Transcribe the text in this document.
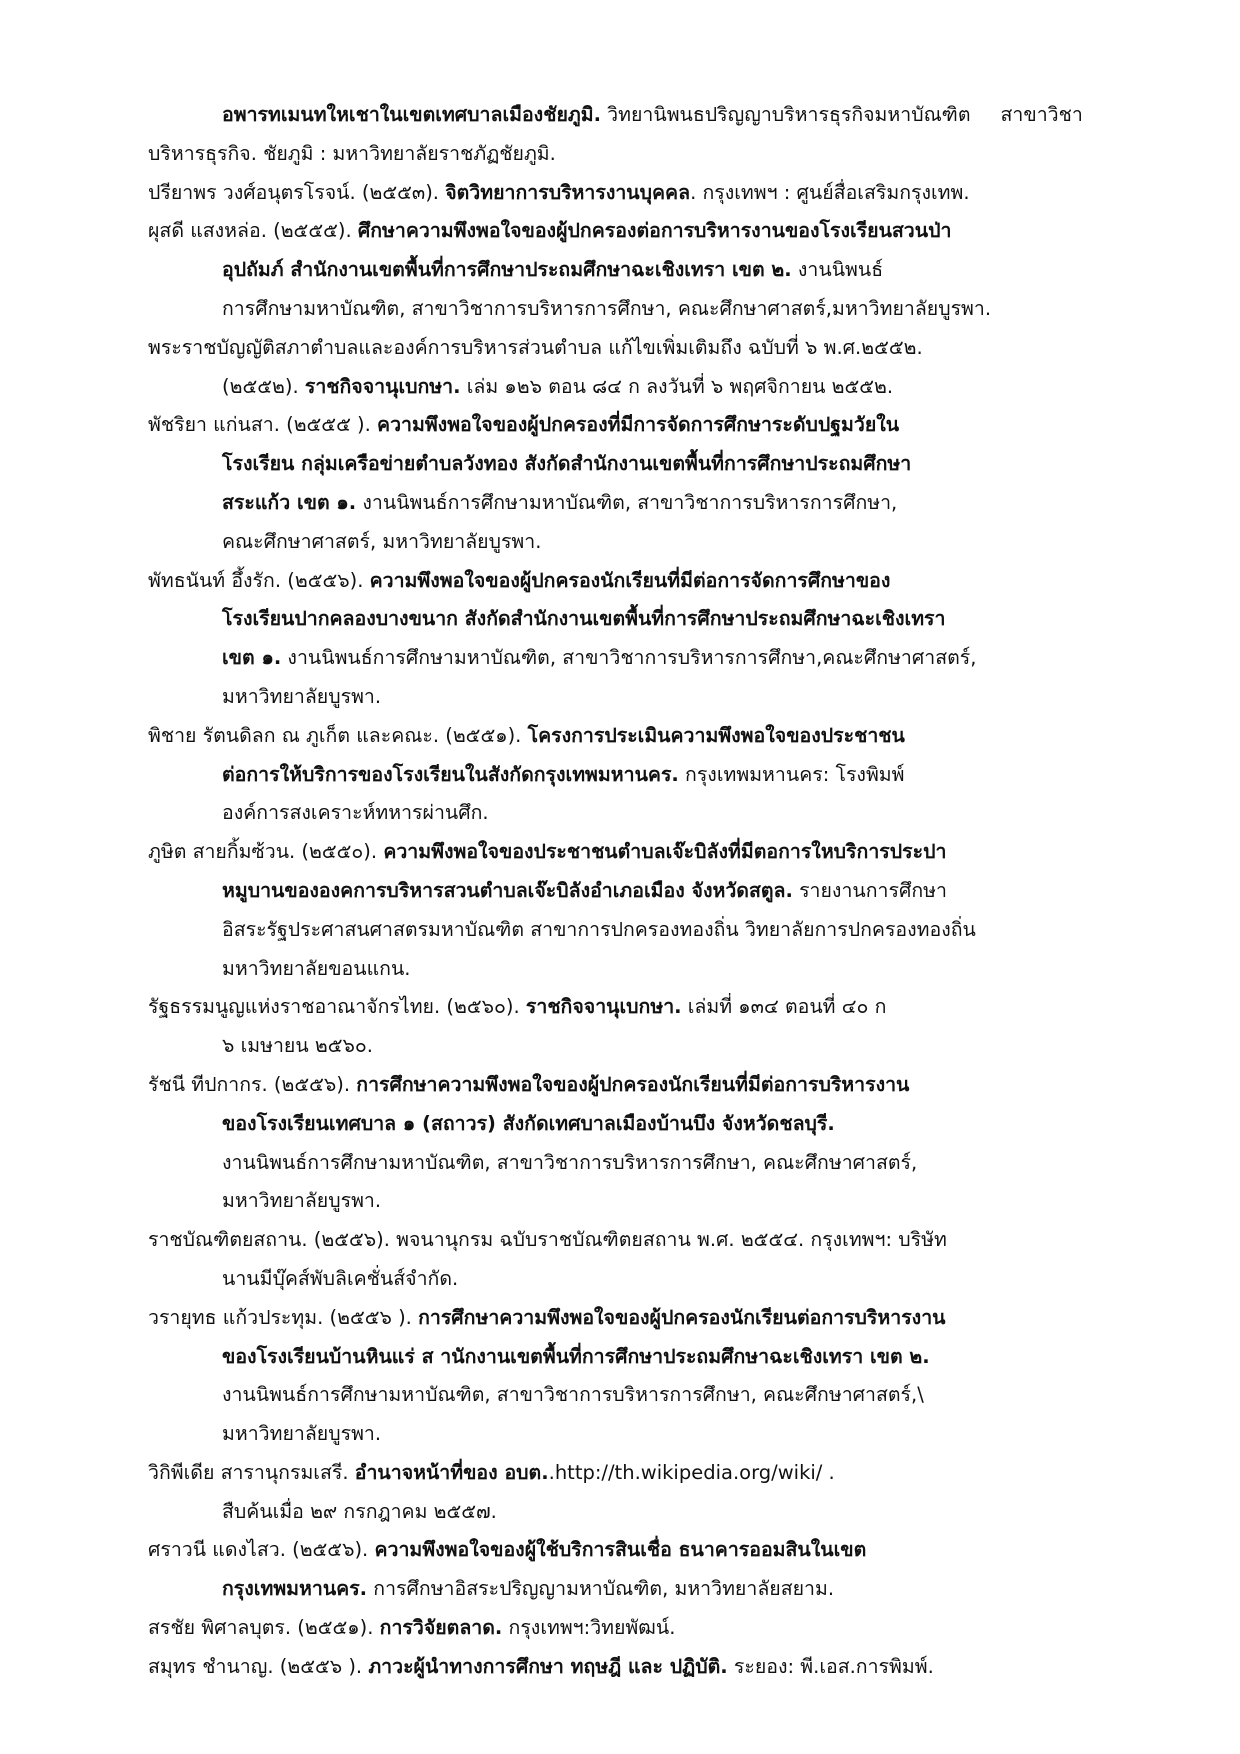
อพารทเมนทใหเชาในเขตเทศบาลเมืองชัยภูมิ. วิทยานิพนธปริญญาบริหารธุรกิจมหาบัณฑิต สาขาวิชา
บริหารธุรกิจ. ชัยภูมิ : มหาวิทยาลัยราชภัฏชัยภูมิ.
ปรียาพร วงศ์อนุตรโรจน์. (๒๕๕๓). จิตวิทยาการบริหารงานบุคคล. กรุงเทพฯ : ศูนย์สื่อเสริมกรุงเทพ.
ผุสดี แสงหล่อ. (๒๕๕๕). ศึกษาความพึงพอใจของผู้ปกครองต่อการบริหารงานของโรงเรียนสวนป่า
อุปถัมภ์ สำนักงานเขตพื้นที่การศึกษาประถมศึกษาฉะเชิงเทรา เขต ๒. งานนิพนธ์
การศึกษามหาบัณฑิต, สาขาวิชาการบริหารการศึกษา, คณะศึกษาศาสตร์,มหาวิทยาลัยบูรพา.
พระราชบัญญัติสภาตำบลและองค์การบริหารส่วนตำบล แก้ไขเพิ่มเติมถึง ฉบับที่ ๖ พ.ศ.๒๕๕๒.
(๒๕๕๒). ราชกิจจานุเบกษา. เล่ม ๑๒๖ ตอน ๘๔ ก ลงวันที่ ๖ พฤศจิกายน ๒๕๕๒.
พัชริยา แก่นสา. (๒๕๕๕ ). ความพึงพอใจของผู้ปกครองที่มีการจัดการศึกษาระดับปฐมวัยใน
โรงเรียน กลุ่มเครือข่ายตำบลวังทอง สังกัดสำนักงานเขตพื้นที่การศึกษาประถมศึกษา
สระแก้ว เขต ๑. งานนิพนธ์การศึกษามหาบัณฑิต, สาขาวิชาการบริหารการศึกษา,
คณะศึกษาศาสตร์, มหาวิทยาลัยบูรพา.
พัทธนันท์ อึ้งรัก. (๒๕๕๖). ความพึงพอใจของผู้ปกครองนักเรียนที่มีต่อการจัดการศึกษาของ
โรงเรียนปากคลองบางขนาก สังกัดสำนักงานเขตพื้นที่การศึกษาประถมศึกษาฉะเชิงเทรา
เขต ๑. งานนิพนธ์การศึกษามหาบัณฑิต, สาขาวิชาการบริหารการศึกษา,คณะศึกษาศาสตร์,
มหาวิทยาลัยบูรพา.
พิชาย รัตนดิลก ณ ภูเก็ต และคณะ. (๒๕๕๑). โครงการประเมินความพึงพอใจของประชาชน
ต่อการให้บริการของโรงเรียนในสังกัดกรุงเทพมหานคร. กรุงเทพมหานคร: โรงพิมพ์
องค์การสงเคราะห์ทหารผ่านศึก.
ภูษิต สายกิ้มซ้วน. (๒๕๕๐). ความพึงพอใจของประชาชนตำบลเจ๊ะบิลังที่มีตอการใหบริการประปา
หมูบานขององคการบริหารสวนตำบลเจ๊ะบิลังอำเภอเมือง จังหวัดสตูล. รายงานการศึกษา
อิสระรัฐประศาสนศาสตรมหาบัณฑิต สาขาการปกครองทองถิ่น วิทยาลัยการปกครองทองถิ่น
มหาวิทยาลัยขอนแกน.
รัฐธรรมนูญแห่งราชอาณาจักรไทย. (๒๕๖๐). ราชกิจจานุเบกษา. เล่มที่ ๑๓๔ ตอนที่ ๔๐ ก
๖ เมษายน ๒๕๖๐.
รัชนี ทีปกากร. (๒๕๕๖). การศึกษาความพึงพอใจของผู้ปกครองนักเรียนที่มีต่อการบริหารงาน
ของโรงเรียนเทศบาล ๑ (สถาวร) สังกัดเทศบาลเมืองบ้านบึง จังหวัดชลบุรี.
งานนิพนธ์การศึกษามหาบัณฑิต, สาขาวิชาการบริหารการศึกษา, คณะศึกษาศาสตร์,
มหาวิทยาลัยบูรพา.
ราชบัณฑิตยสถาน. (๒๕๕๖). พจนานุกรม ฉบับราชบัณฑิตยสถาน พ.ศ. ๒๕๕๔. กรุงเทพฯ: บริษัท
นานมีบุ๊คส์พับลิเคชั่นส์จำกัด.
วรายุทธ แก้วประทุม. (๒๕๕๖ ). การศึกษาความพึงพอใจของผู้ปกครองนักเรียนต่อการบริหารงาน
ของโรงเรียนบ้านหินแร่ ส านักงานเขตพื้นที่การศึกษาประถมศึกษาฉะเชิงเทรา เขต ๒.
งานนิพนธ์การศึกษามหาบัณฑิต, สาขาวิชาการบริหารการศึกษา, คณะศึกษาศาสตร์,\
มหาวิทยาลัยบูรพา.
วิกิพีเดีย สารานุกรมเสรี. อำนาจหน้าที่ของ อบต..http://th.wikipedia.org/wiki/ .
สืบค้นเมื่อ ๒๙ กรกฎาคม ๒๕๕๗.
ศราวนี แดงไสว. (๒๕๕๖). ความพึงพอใจของผู้ใช้บริการสินเชื่อ ธนาคารออมสินในเขต
กรุงเทพมหานคร. การศึกษาอิสระปริญญามหาบัณฑิต, มหาวิทยาลัยสยาม.
สรชัย พิศาลบุตร. (๒๕๕๑). การวิจัยตลาด. กรุงเทพฯ:วิทยพัฒน์.
สมุทร ชำนาญ. (๒๕๕๖ ). ภาวะผู้นำทางการศึกษา ทฤษฎี และ ปฏิบัติ. ระยอง: พี.เอส.การพิมพ์.
